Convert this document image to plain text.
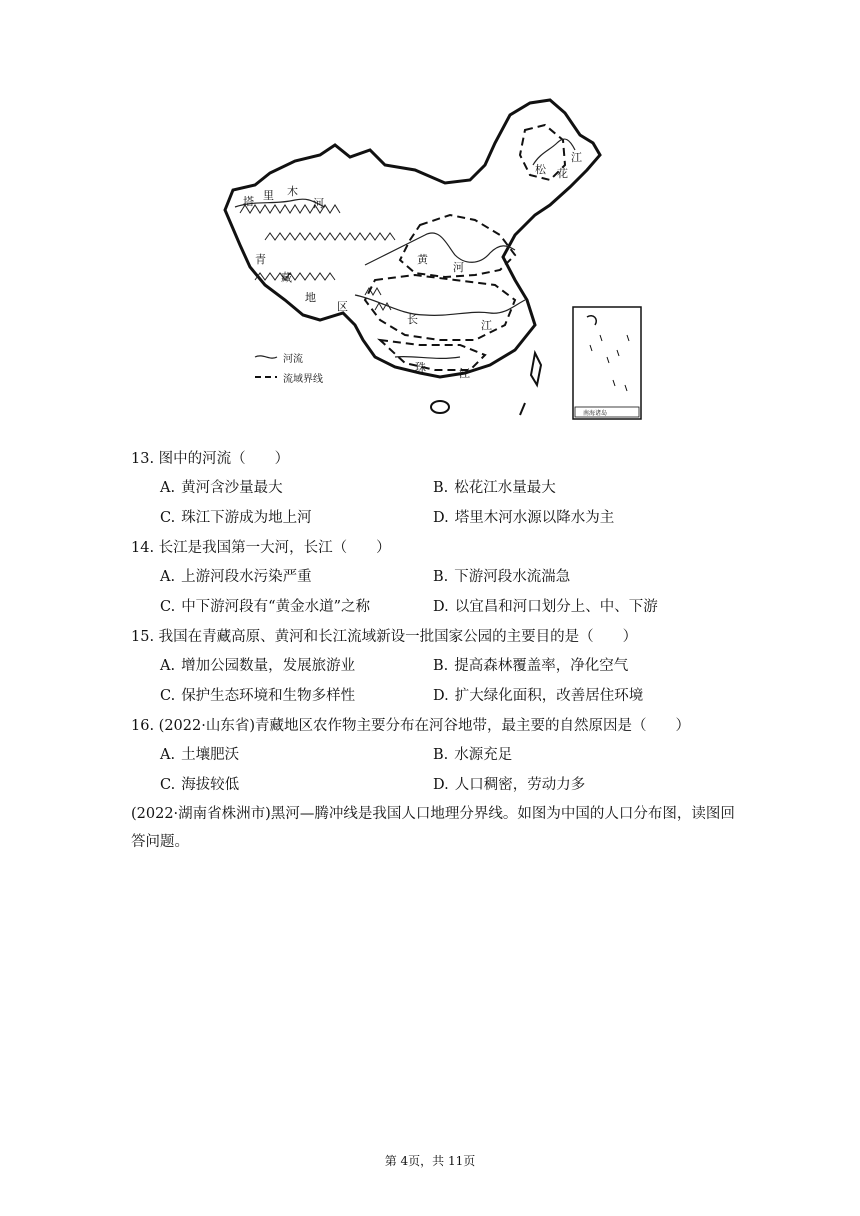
塔 里 木
河
青
藏
地
区
黄
河
长	江
珠	江
松 花
江
河流
流域界线
南海诸岛
13. 图中的河流（　　）
A. 黄河含沙量最大	B. 松花江水量最大
C. 珠江下游成为地上河	D. 塔里木河水源以降水为主
14. 长江是我国第一大河，长江（　　）
A. 上游河段水污染严重	B. 下游河段水流湍急
C. 中下游河段有“黄金水道”之称	D. 以宜昌和河口划分上、中、下游
15. 我国在青藏高原、黄河和长江流域新设一批国家公园的主要目的是（　　）
A. 增加公园数量，发展旅游业	B. 提高森林覆盖率，净化空气
C. 保护生态环境和生物多样性	D. 扩大绿化面积，改善居住环境
16. (2022·山东省)青藏地区农作物主要分布在河谷地带，最主要的自然原因是（　　）
A. 土壤肥沃	B. 水源充足
C. 海拔较低	D. 人口稠密，劳动力多
(2022·湖南省株洲市)黑河—腾冲线是我国人口地理分界线。如图为中国的人口分布图，读图回答问题。
第 4页，共 11页
